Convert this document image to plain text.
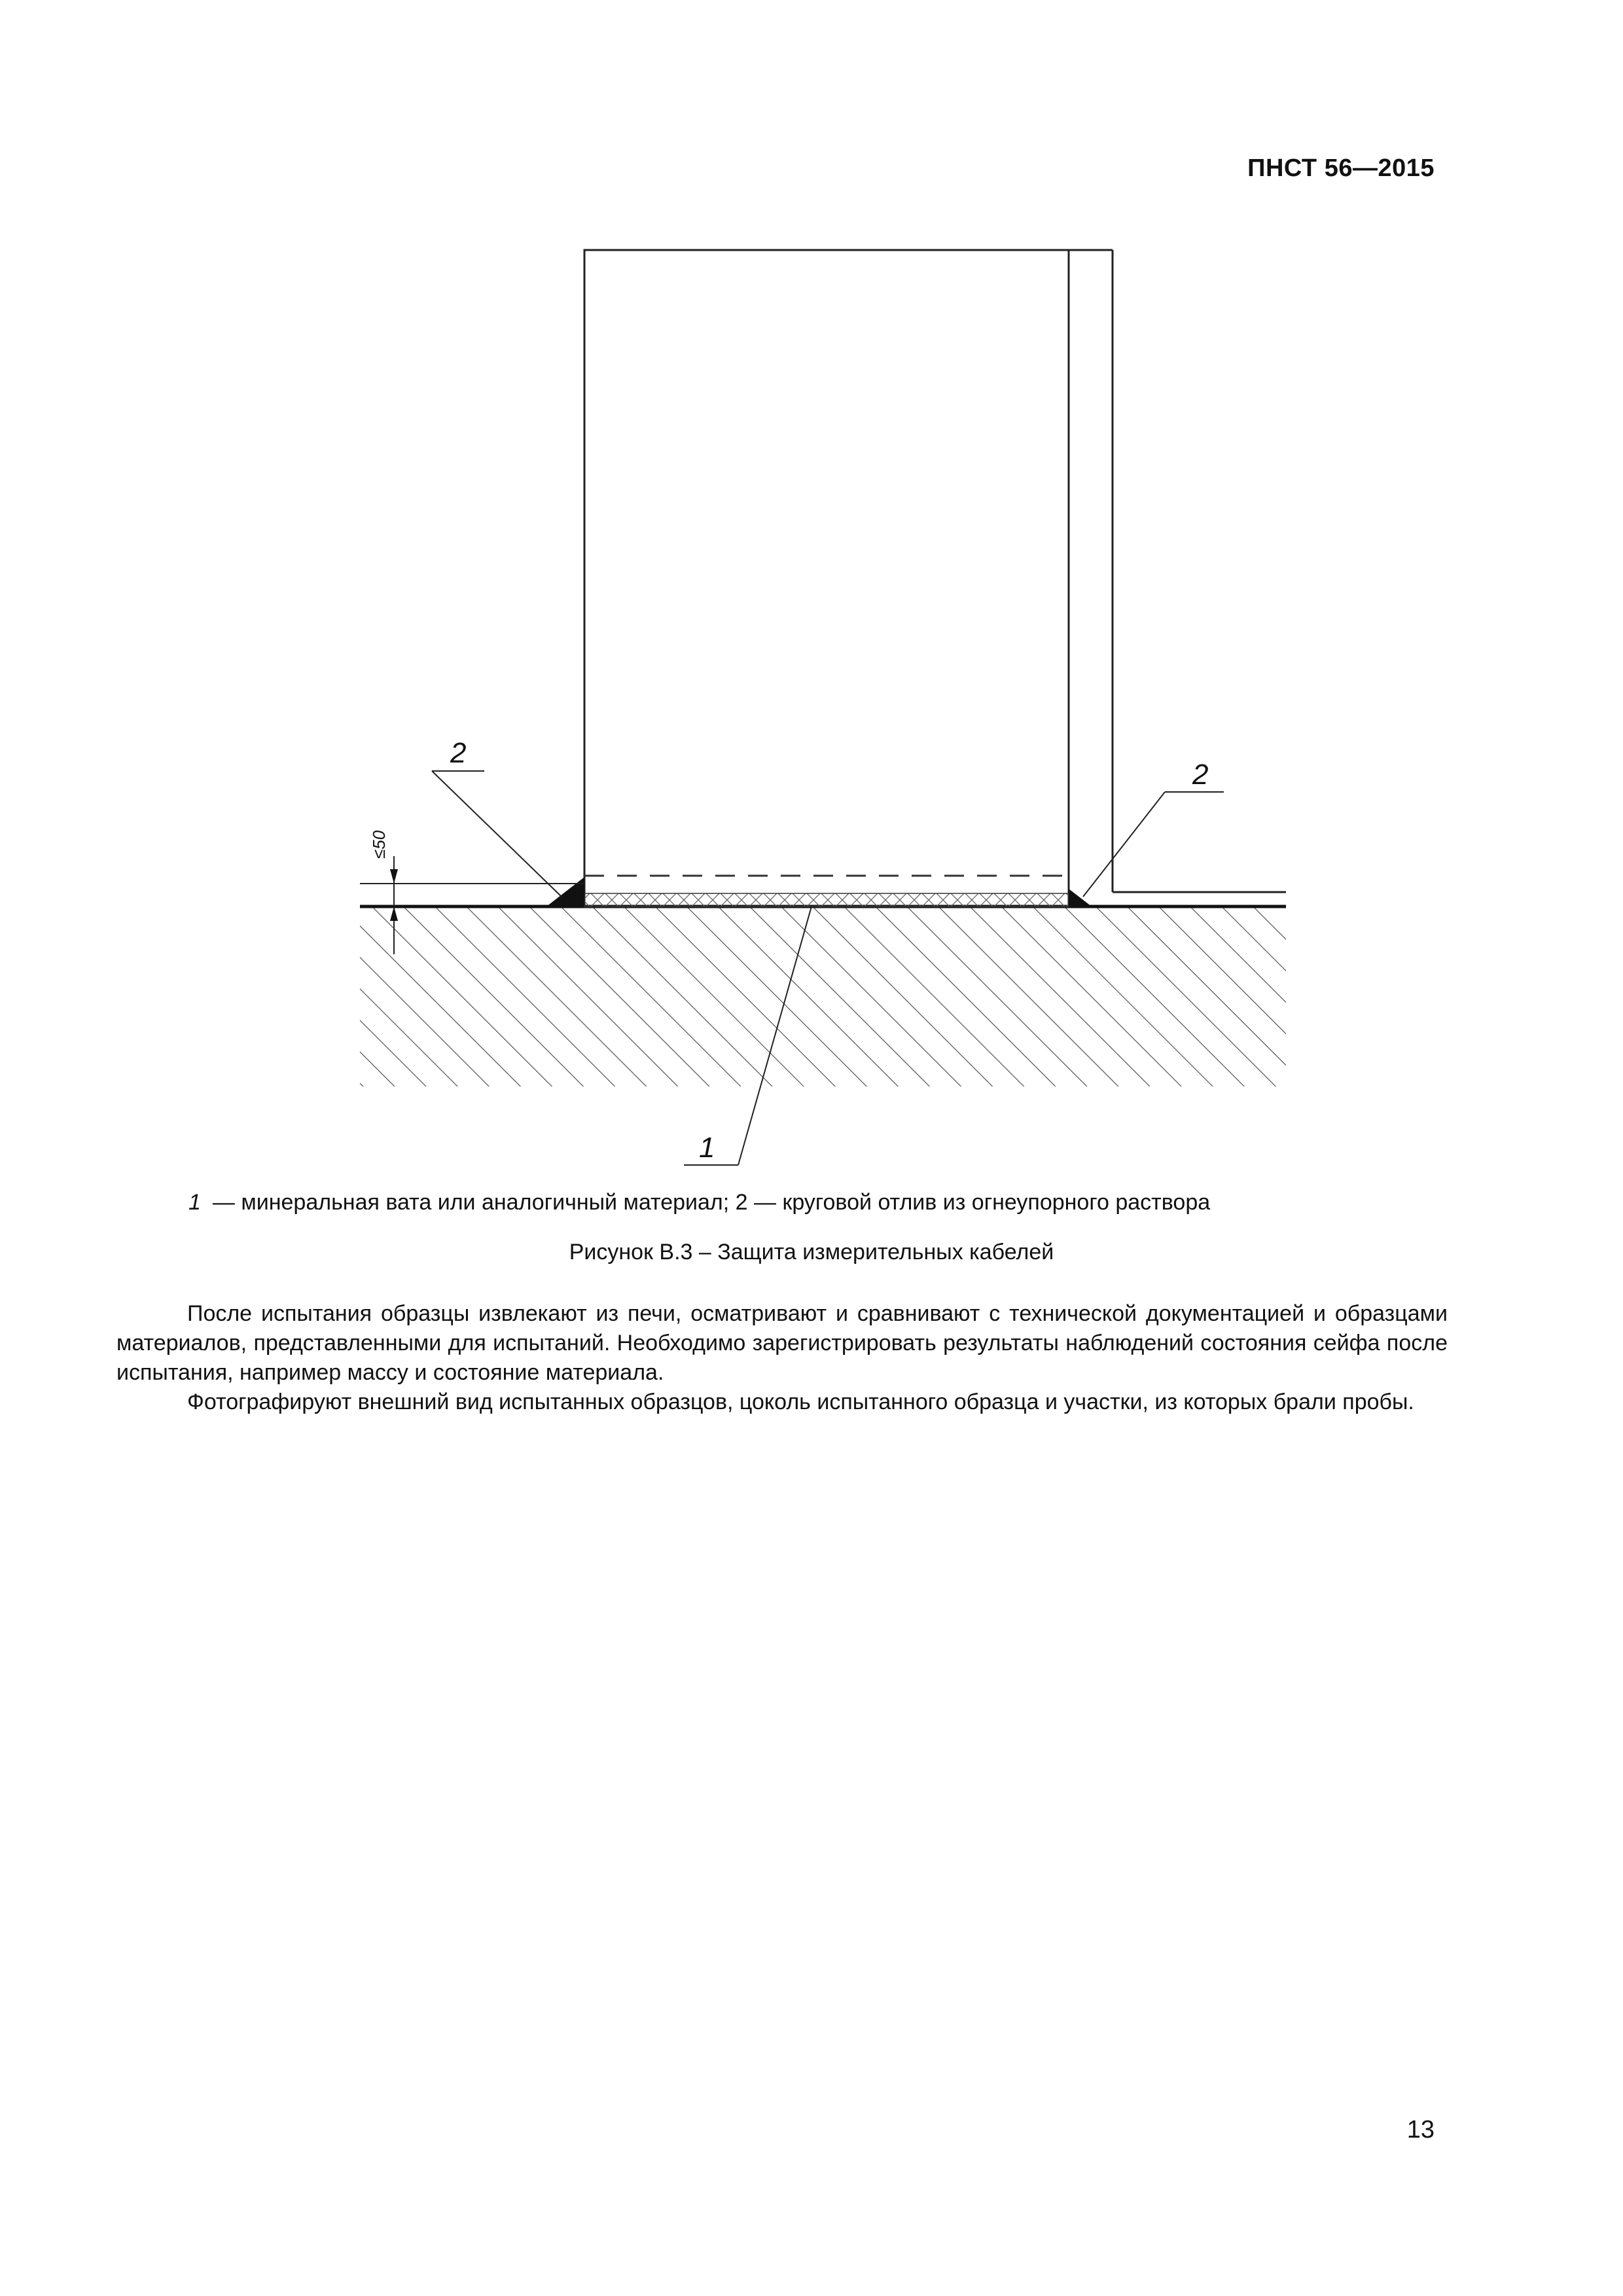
ПНСТ 56—2015
≤50
2
2
1
1 — минеральная вата или аналогичный материал; 2 — круговой отлив из огнеупорного раствора
Рисунок В.3 – Защита измерительных кабелей

После испытания образцы извлекают из печи, осматривают и сравнивают с технической документацией и образцами материалов, представленными для испытаний. Необходимо зарегистрировать результаты наблюдений состояния сейфа после испытания, например массу и состояние материала.

Фотографируют внешний вид испытанных образцов, цоколь испытанного образца и участки, из которых брали пробы.

13
